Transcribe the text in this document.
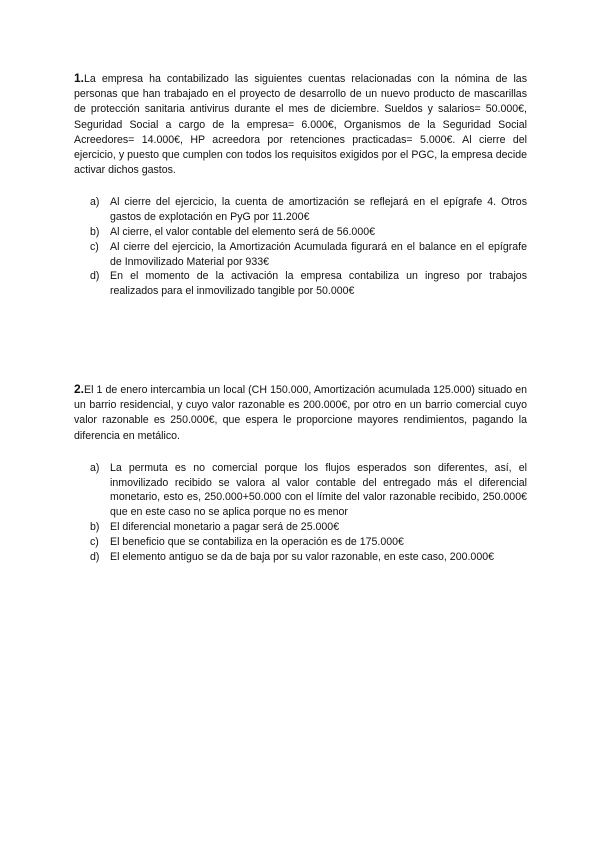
1.La empresa ha contabilizado las siguientes cuentas relacionadas con la nómina de las personas que han trabajado en el proyecto de desarrollo de un nuevo producto de mascarillas de protección sanitaria antivirus durante el mes de diciembre. Sueldos y salarios= 50.000€, Seguridad Social a cargo de la empresa= 6.000€, Organismos de la Seguridad Social Acreedores= 14.000€, HP acreedora por retenciones practicadas= 5.000€. Al cierre del ejercicio, y puesto que cumplen con todos los requisitos exigidos por el PGC, la empresa decide activar dichos gastos.

a) Al cierre del ejercicio, la cuenta de amortización se reflejará en el epígrafe 4. Otros gastos de explotación en PyG por 11.200€
b) Al cierre, el valor contable del elemento será de 56.000€
c)	Al cierre del ejercicio, la Amortización Acumulada figurará en el balance en el epígrafe de Inmovilizado Material por 933€
d) En el momento de la activación la empresa contabiliza un ingreso por trabajos realizados para el inmovilizado tangible por 50.000€

2.El 1 de enero intercambia un local (CH 150.000, Amortización acumulada 125.000) situado en un barrio residencial, y cuyo valor razonable es 200.000€, por otro en un barrio comercial cuyo valor razonable es 250.000€, que espera le proporcione mayores rendimientos, pagando la diferencia en metálico.

a) La permuta es no comercial porque los flujos esperados son diferentes, así, el inmovilizado recibido se valora al valor contable del entregado más el diferencial monetario, esto es, 250.000+50.000 con el límite del valor razonable recibido, 250.000€ que en este caso no se aplica porque no es menor
b) El diferencial monetario a pagar será de 25.000€
c)	El beneficio que se contabiliza en la operación es de 175.000€
d) El elemento antiguo se da de baja por su valor razonable, en este caso, 200.000€
